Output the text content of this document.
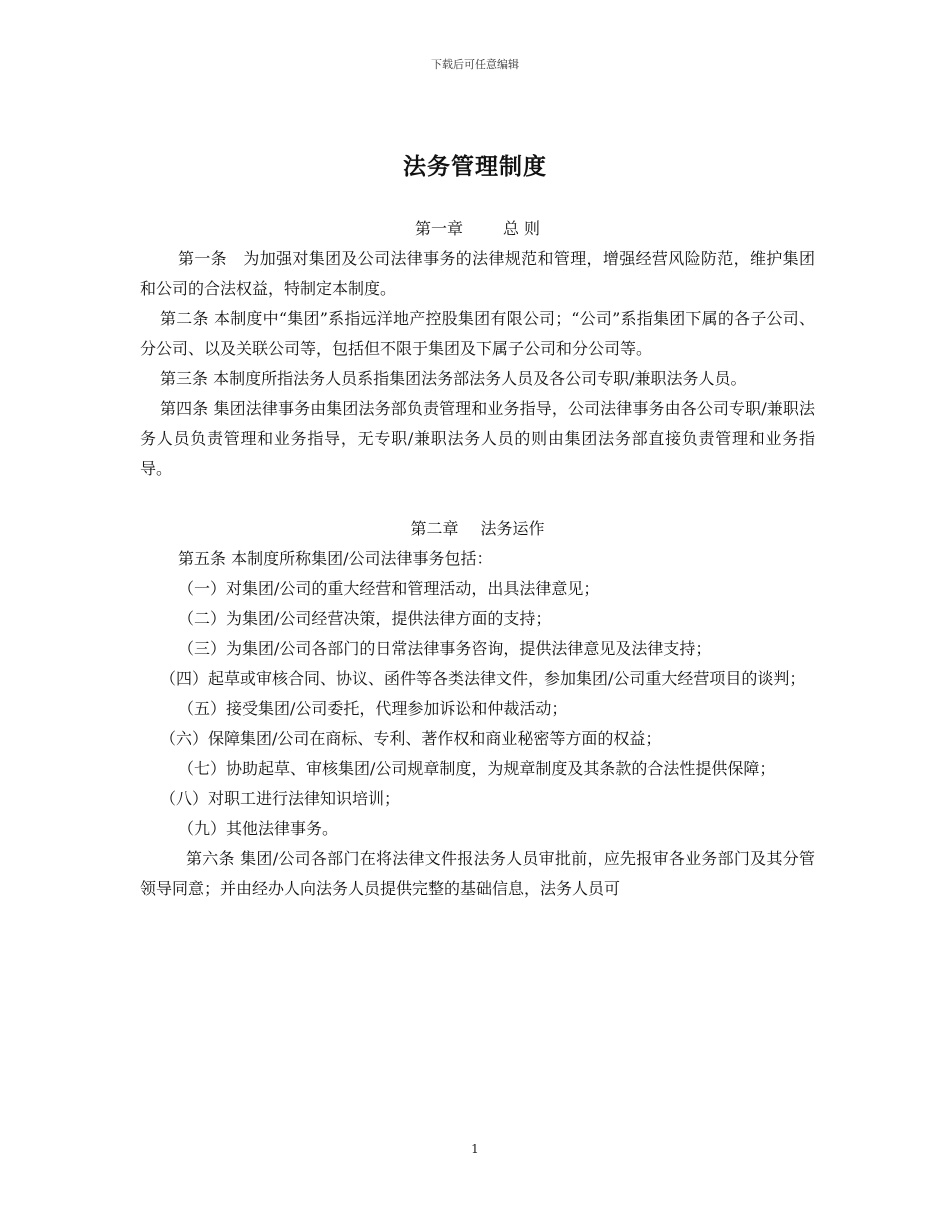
下载后可任意编辑
法务管理制度
第一章	总 则

第一条　为加强对集团及公司法律事务的法律规范和管理，增强经营风险防范，维护集团和公司的合法权益，特制定本制度。

第二条 本制度中“集团”系指远洋地产控股集团有限公司；“公司”系指集团下属的各子公司、分公司、以及关联公司等，包括但不限于集团及下属子公司和分公司等。

第三条 本制度所指法务人员系指集团法务部法务人员及各公司专职/兼职法务人员。

第四条 集团法律事务由集团法务部负责管理和业务指导，公司法律事务由各公司专职/兼职法务人员负责管理和业务指导，无专职/兼职法务人员的则由集团法务部直接负责管理和业务指导。

第二章 法务运作

第五条 本制度所称集团/公司法律事务包括：

（一）对集团/公司的重大经营和管理活动，出具法律意见；

（二）为集团/公司经营决策，提供法律方面的支持；

（三）为集团/公司各部门的日常法律事务咨询，提供法律意见及法律支持；

（四）起草或审核合同、协议、函件等各类法律文件，参加集团/公司重大经营项目的谈判；

（五）接受集团/公司委托，代理参加诉讼和仲裁活动；

（六）保障集团/公司在商标、专利、著作权和商业秘密等方面的权益；

（七）协助起草、审核集团/公司规章制度，为规章制度及其条款的合法性提供保障；

（八）对职工进行法律知识培训；

（九）其他法律事务。

第六条 集团/公司各部门在将法律文件报法务人员审批前，应先报审各业务部门及其分管领导同意；并由经办人向法务人员提供完整的基础信息，法务人员可

1
